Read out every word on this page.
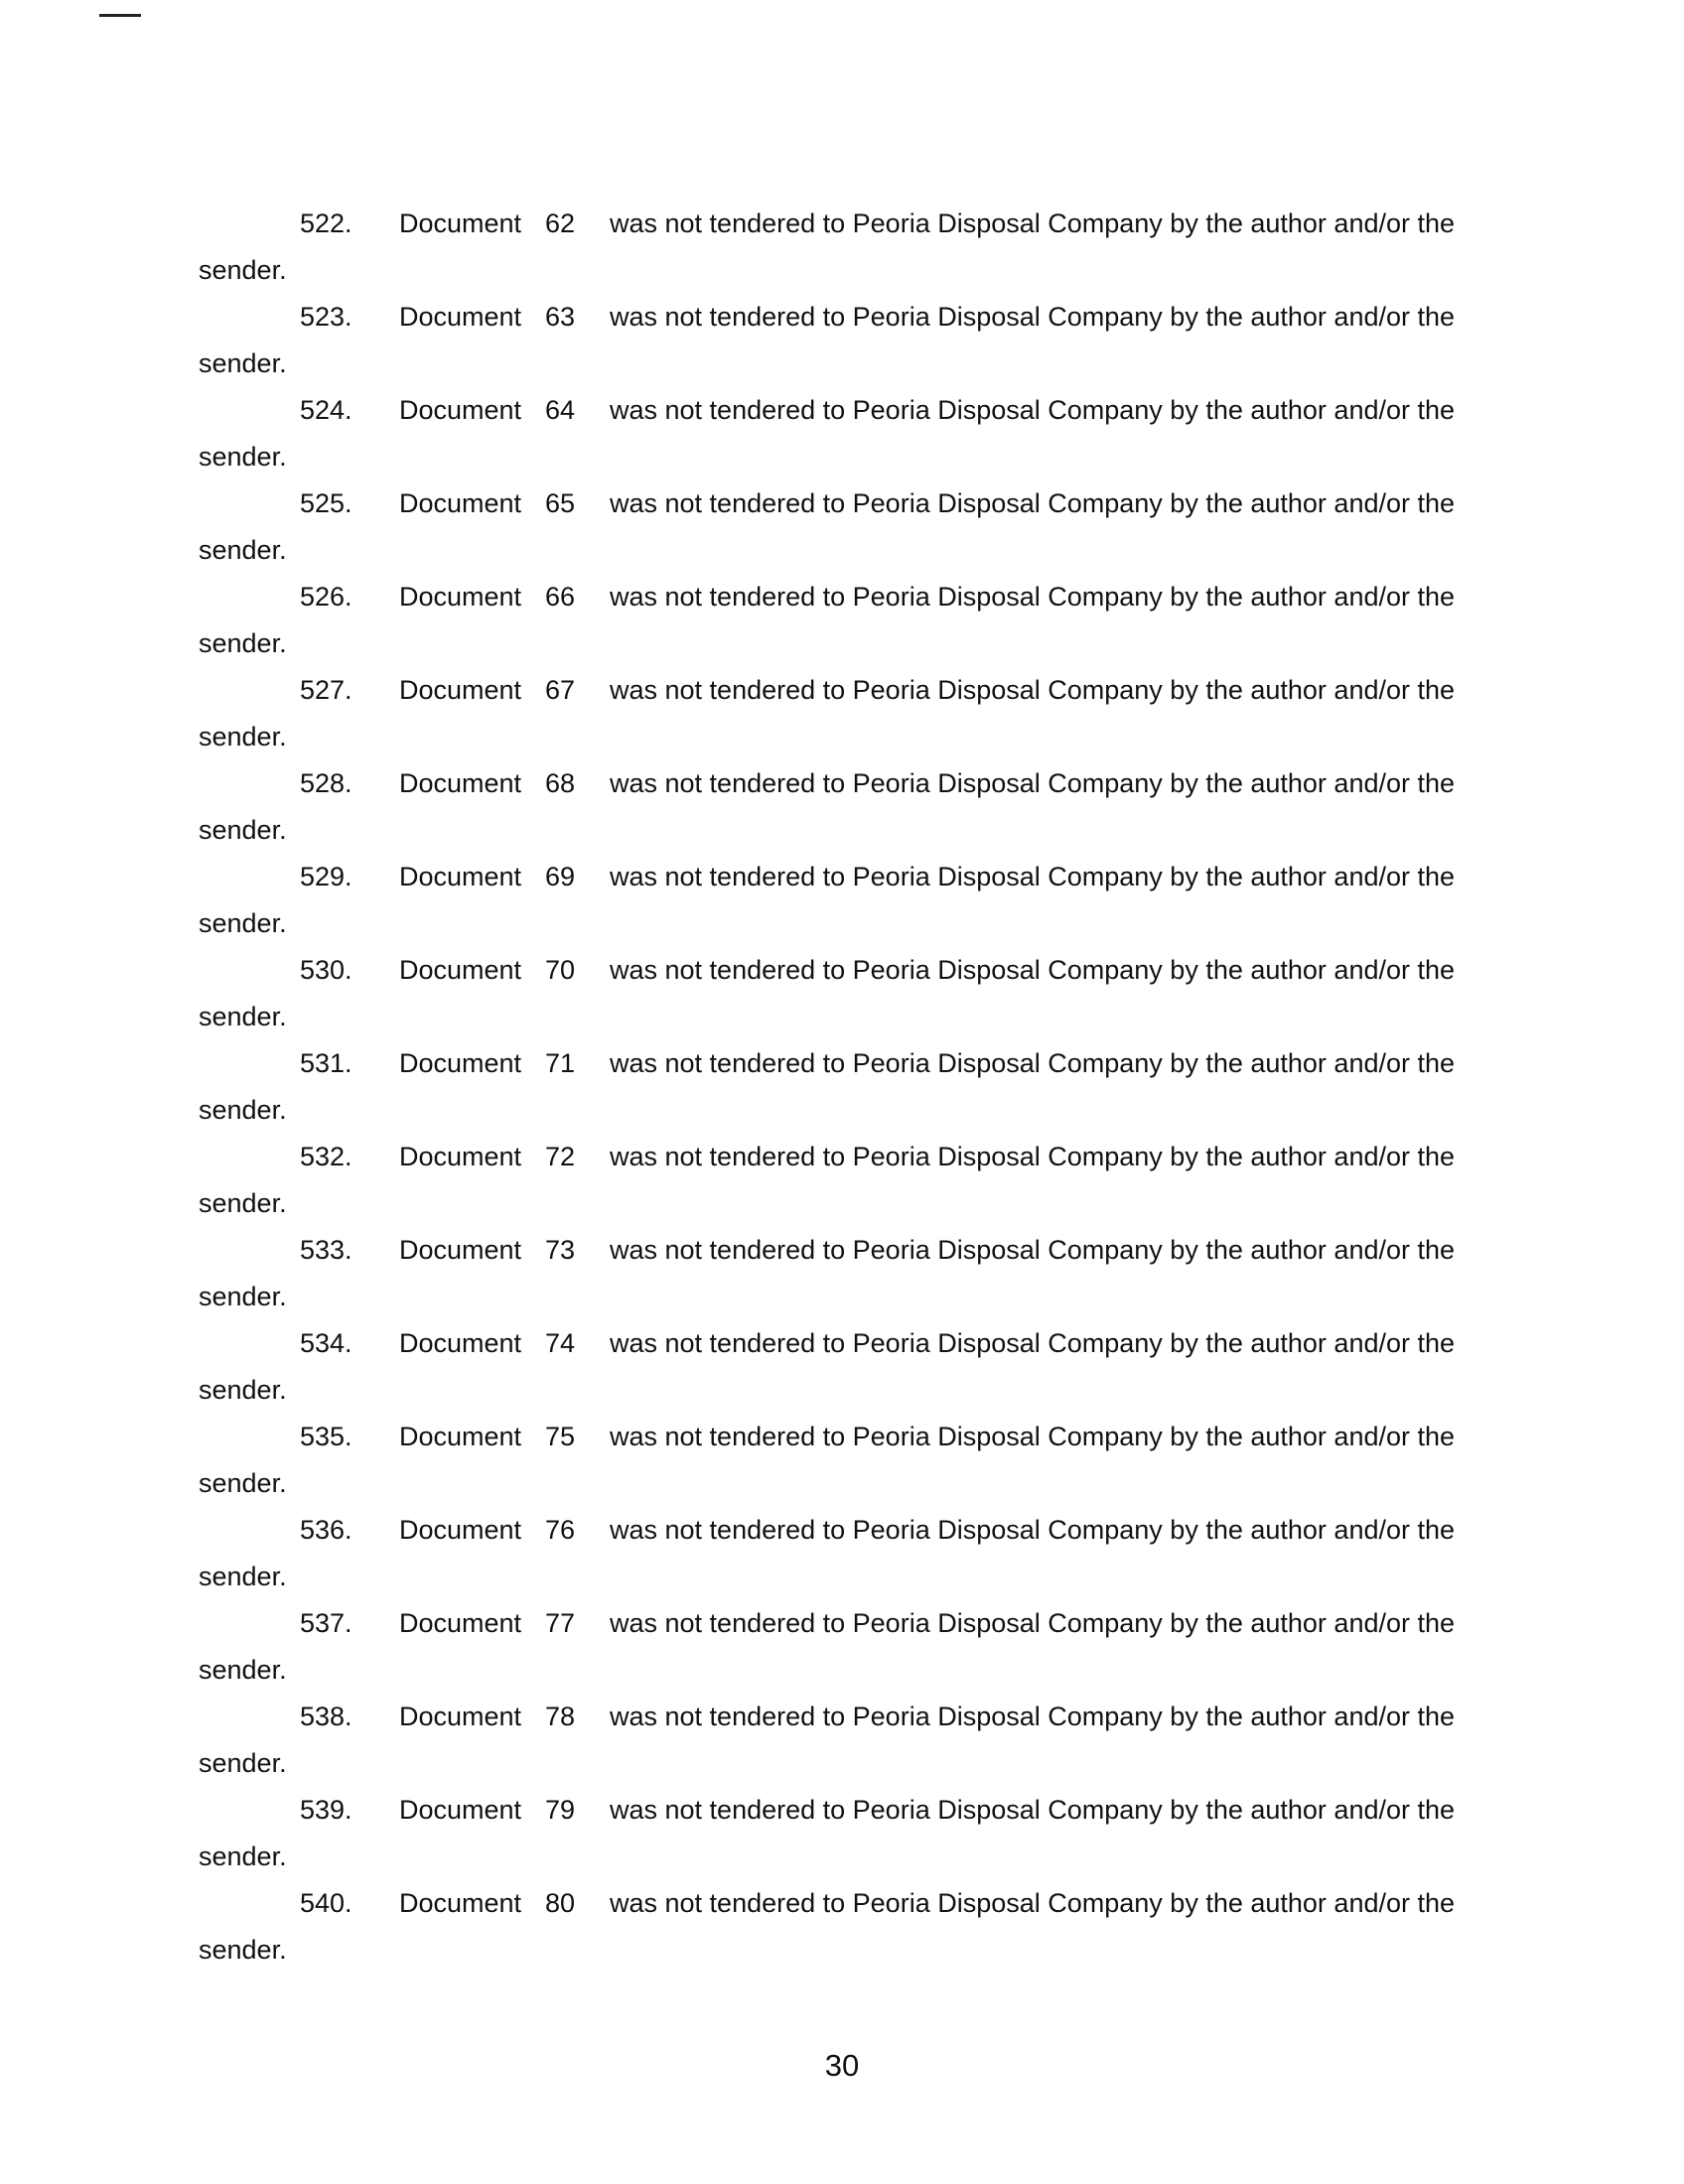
522. Document 62 was not tendered to Peoria Disposal Company by the author and/or the
sender.
523. Document 63 was not tendered to Peoria Disposal Company by the author and/or the
sender.
524. Document 64 was not tendered to Peoria Disposal Company by the author and/or the
sender.
525. Document 65 was not tendered to Peoria Disposal Company by the author and/or the
sender.
526. Document 66 was not tendered to Peoria Disposal Company by the author and/or the
sender.
527. Document 67 was not tendered to Peoria Disposal Company by the author and/or the
sender.
528. Document 68 was not tendered to Peoria Disposal Company by the author and/or the
sender.
529. Document 69 was not tendered to Peoria Disposal Company by the author and/or the
sender.
530. Document 70 was not tendered to Peoria Disposal Company by the author and/or the
sender.
531. Document 71 was not tendered to Peoria Disposal Company by the author and/or the
sender.
532. Document 72 was not tendered to Peoria Disposal Company by the author and/or the
sender.
533. Document 73 was not tendered to Peoria Disposal Company by the author and/or the
sender.
534. Document 74 was not tendered to Peoria Disposal Company by the author and/or the
sender.
535. Document 75 was not tendered to Peoria Disposal Company by the author and/or the
sender.
536. Document 76 was not tendered to Peoria Disposal Company by the author and/or the
sender.
537. Document 77 was not tendered to Peoria Disposal Company by the author and/or the
sender.
538. Document 78 was not tendered to Peoria Disposal Company by the author and/or the
sender.
539. Document 79 was not tendered to Peoria Disposal Company by the author and/or the
sender.
540. Document 80 was not tendered to Peoria Disposal Company by the author and/or the
sender.
30
